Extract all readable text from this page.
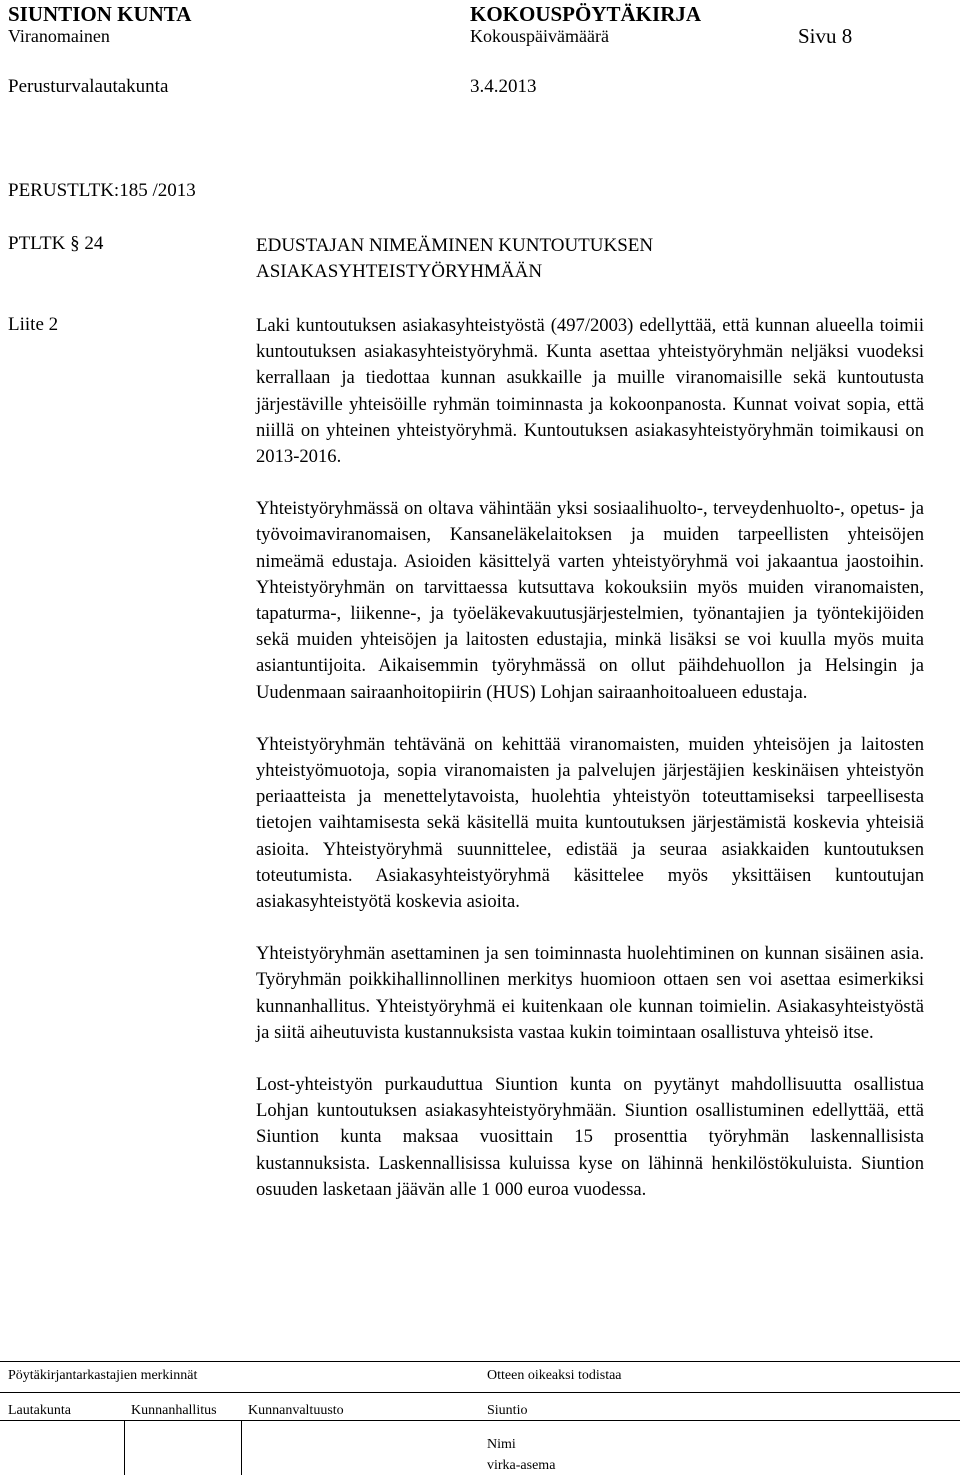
SIUNTION KUNTA	KOKOUSPÖYTÄKIRJA
Viranomainen	Kokouspäivämäärä	Sivu 8
Perusturvalautakunta	3.4.2013
PERUSTLTK:185 /2013
PTLTK § 24	EDUSTAJAN NIMEÄMINEN KUNTOUTUKSEN
ASIAKASYHTEISTYÖRYHMÄÄN
Liite 2	Laki kuntoutuksen asiakasyhteistyöstä (497/2003) edellyttää, että kunnan alueella toimii kuntoutuksen asiakasyhteistyöryhmä. Kunta asettaa yhteistyöryhmän neljäksi vuodeksi kerrallaan ja tiedottaa kunnan asukkaille ja muille viranomaisille sekä kuntoutusta järjestäville yhteisöille ryhmän toiminnasta ja kokoonpanosta. Kunnat voivat sopia, että niillä on yhteinen yhteistyöryhmä. Kuntoutuksen asiakasyhteistyöryhmän toimikausi on 2013-2016.

Yhteistyöryhmässä on oltava vähintään yksi sosiaalihuolto-, terveydenhuolto-, opetus- ja työvoimaviranomaisen, Kansaneläkelaitoksen ja muiden tarpeellisten yhteisöjen nimeämä edustaja. Asioiden käsittelyä varten yhteistyöryhmä voi jakaantua jaostoihin. Yhteistyöryhmän on tarvittaessa kutsuttava kokouksiin myös muiden viranomaisten, tapaturma-, liikenne-, ja työeläkevakuutusjärjestelmien, työnantajien ja työntekijöiden sekä muiden yhteisöjen ja laitosten edustajia, minkä lisäksi se voi kuulla myös muita asiantuntijoita. Aikaisemmin työryhmässä on ollut päihdehuollon ja Helsingin ja Uudenmaan sairaanhoitopiirin (HUS) Lohjan sairaanhoitoalueen edustaja.

Yhteistyöryhmän tehtävänä on kehittää viranomaisten, muiden yhteisöjen ja laitosten yhteistyömuotoja, sopia viranomaisten ja palvelujen järjestäjien keskinäisen yhteistyön periaatteista ja menettelytavoista, huolehtia yhteistyön toteuttamiseksi tarpeellisesta tietojen vaihtamisesta sekä käsitellä muita kuntoutuksen järjestämistä koskevia yhteisiä asioita. Yhteistyöryhmä suunnittelee, edistää ja seuraa asiakkaiden kuntoutuksen toteutumista. Asiakasyhteistyöryhmä käsittelee myös yksittäisen kuntoutujan asiakasyhteistyötä koskevia asioita.

Yhteistyöryhmän asettaminen ja sen toiminnasta huolehtiminen on kunnan sisäinen asia. Työryhmän poikkihallinnollinen merkitys huomioon ottaen sen voi asettaa esimerkiksi kunnanhallitus. Yhteistyöryhmä ei kuitenkaan ole kunnan toimielin. Asiakasyhteistyöstä ja siitä aiheutuvista kustannuksista vastaa kukin toimintaan osallistuva yhteisö itse.

Lost-yhteistyön purkauduttua Siuntion kunta on pyytänyt mahdollisuutta osallistua Lohjan kuntoutuksen asiakasyhteistyöryhmään. Siuntion osallistuminen edellyttää, että Siuntion kunta maksaa vuosittain 15 prosenttia työryhmän laskennallisista kustannuksista. Laskennallisissa kuluissa kyse on lähinnä henkilöstökuluista. Siuntion osuuden lasketaan jäävän alle 1 000 euroa vuodessa.

Pöytäkirjantarkastajien merkinnät	Otteen oikeaksi todistaa
Lautakunta	Kunnanhallitus Kunnanvaltuusto	Siuntio
Nimi
virka-asema
